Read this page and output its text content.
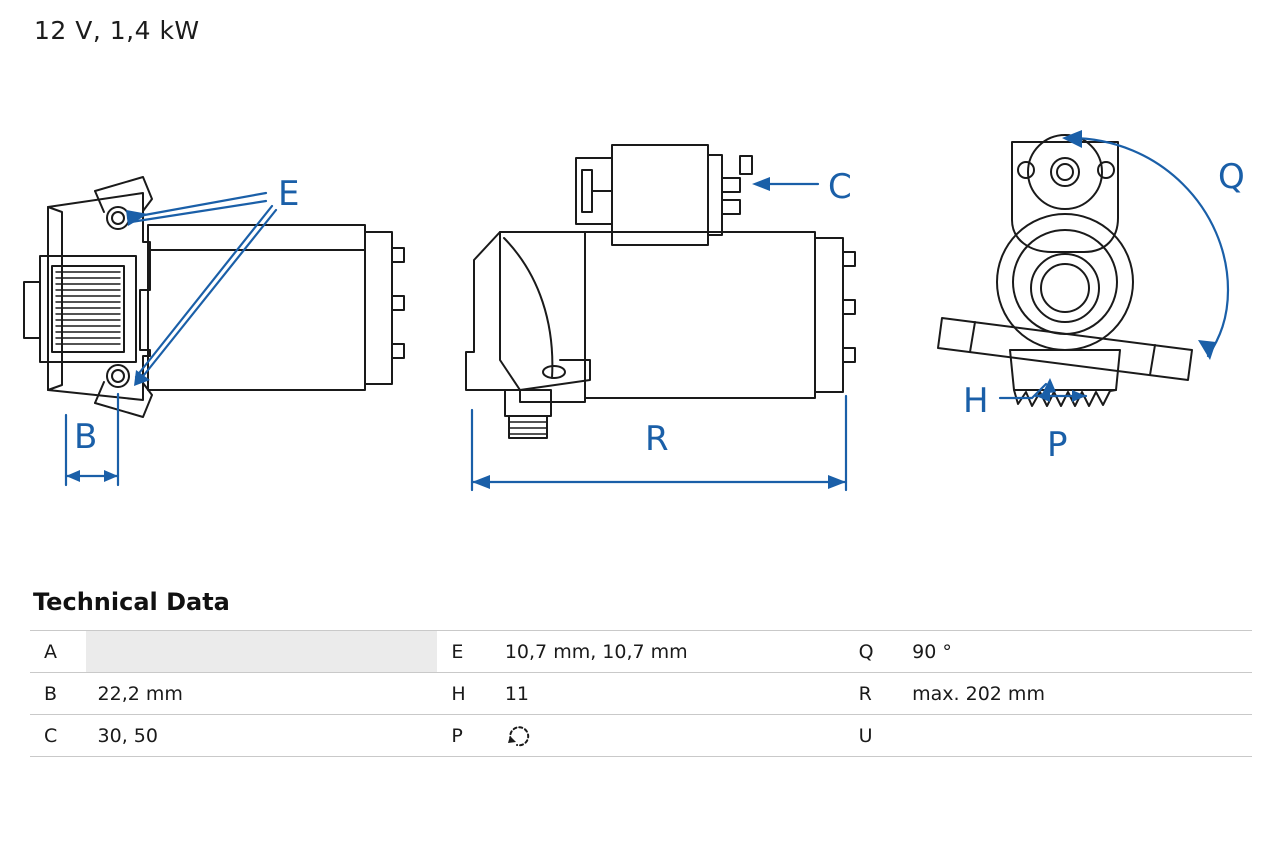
12 V, 1,4 kW
E
B
C
R
Q
H
P
Technical Data
A		E	10,7 mm, 10,7 mm	Q	90 °
B	22,2 mm	H	11	R	max. 202 mm
C	30, 50	P		U	
